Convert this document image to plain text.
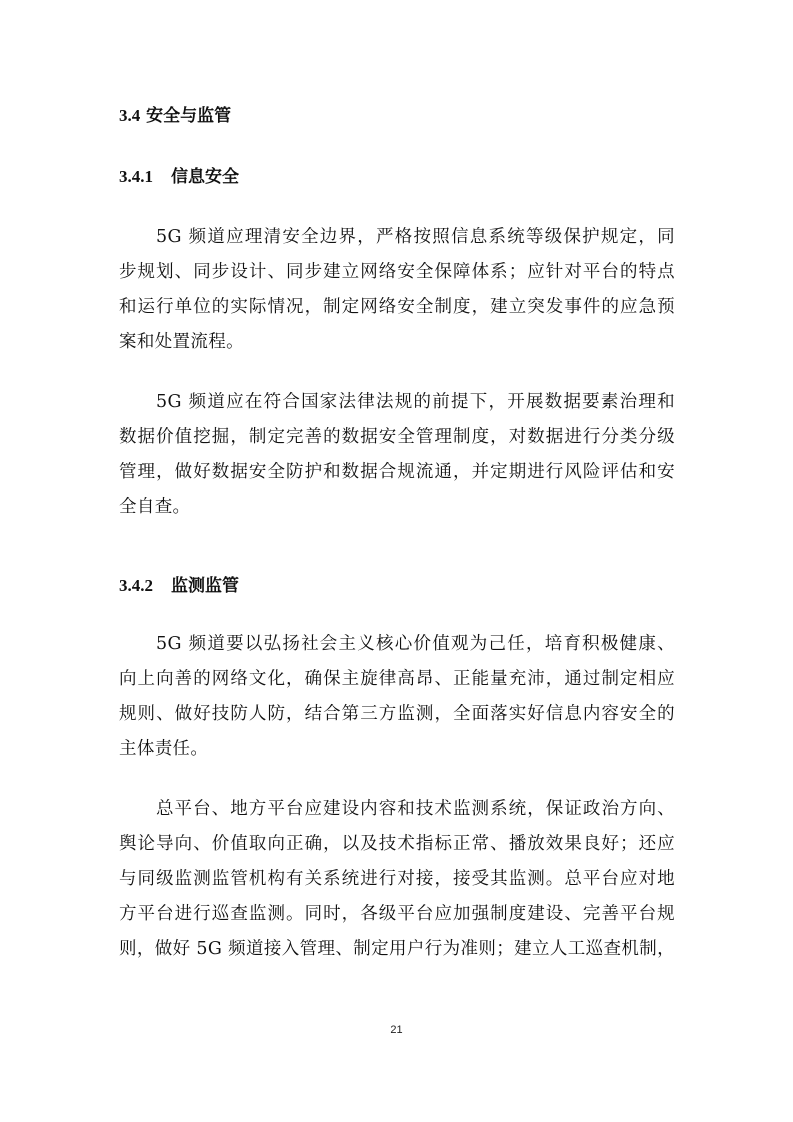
3.4 安全与监管
3.4.1 信息安全
5G 频道应理清安全边界，严格按照信息系统等级保护规定，同
步规划、同步设计、同步建立网络安全保障体系；应针对平台的特点
和运行单位的实际情况，制定网络安全制度，建立突发事件的应急预
案和处置流程。
5G 频道应在符合国家法律法规的前提下，开展数据要素治理和
数据价值挖掘，制定完善的数据安全管理制度，对数据进行分类分级
管理，做好数据安全防护和数据合规流通，并定期进行风险评估和安
全自查。
3.4.2 监测监管
5G 频道要以弘扬社会主义核心价值观为己任，培育积极健康、
向上向善的网络文化，确保主旋律高昂、正能量充沛，通过制定相应
规则、做好技防人防，结合第三方监测，全面落实好信息内容安全的
主体责任。
总平台、地方平台应建设内容和技术监测系统，保证政治方向、
舆论导向、价值取向正确，以及技术指标正常、播放效果良好；还应
与同级监测监管机构有关系统进行对接，接受其监测。总平台应对地
方平台进行巡查监测。同时，各级平台应加强制度建设、完善平台规
则，做好 5G 频道接入管理、制定用户行为准则；建立人工巡查机制，
21
